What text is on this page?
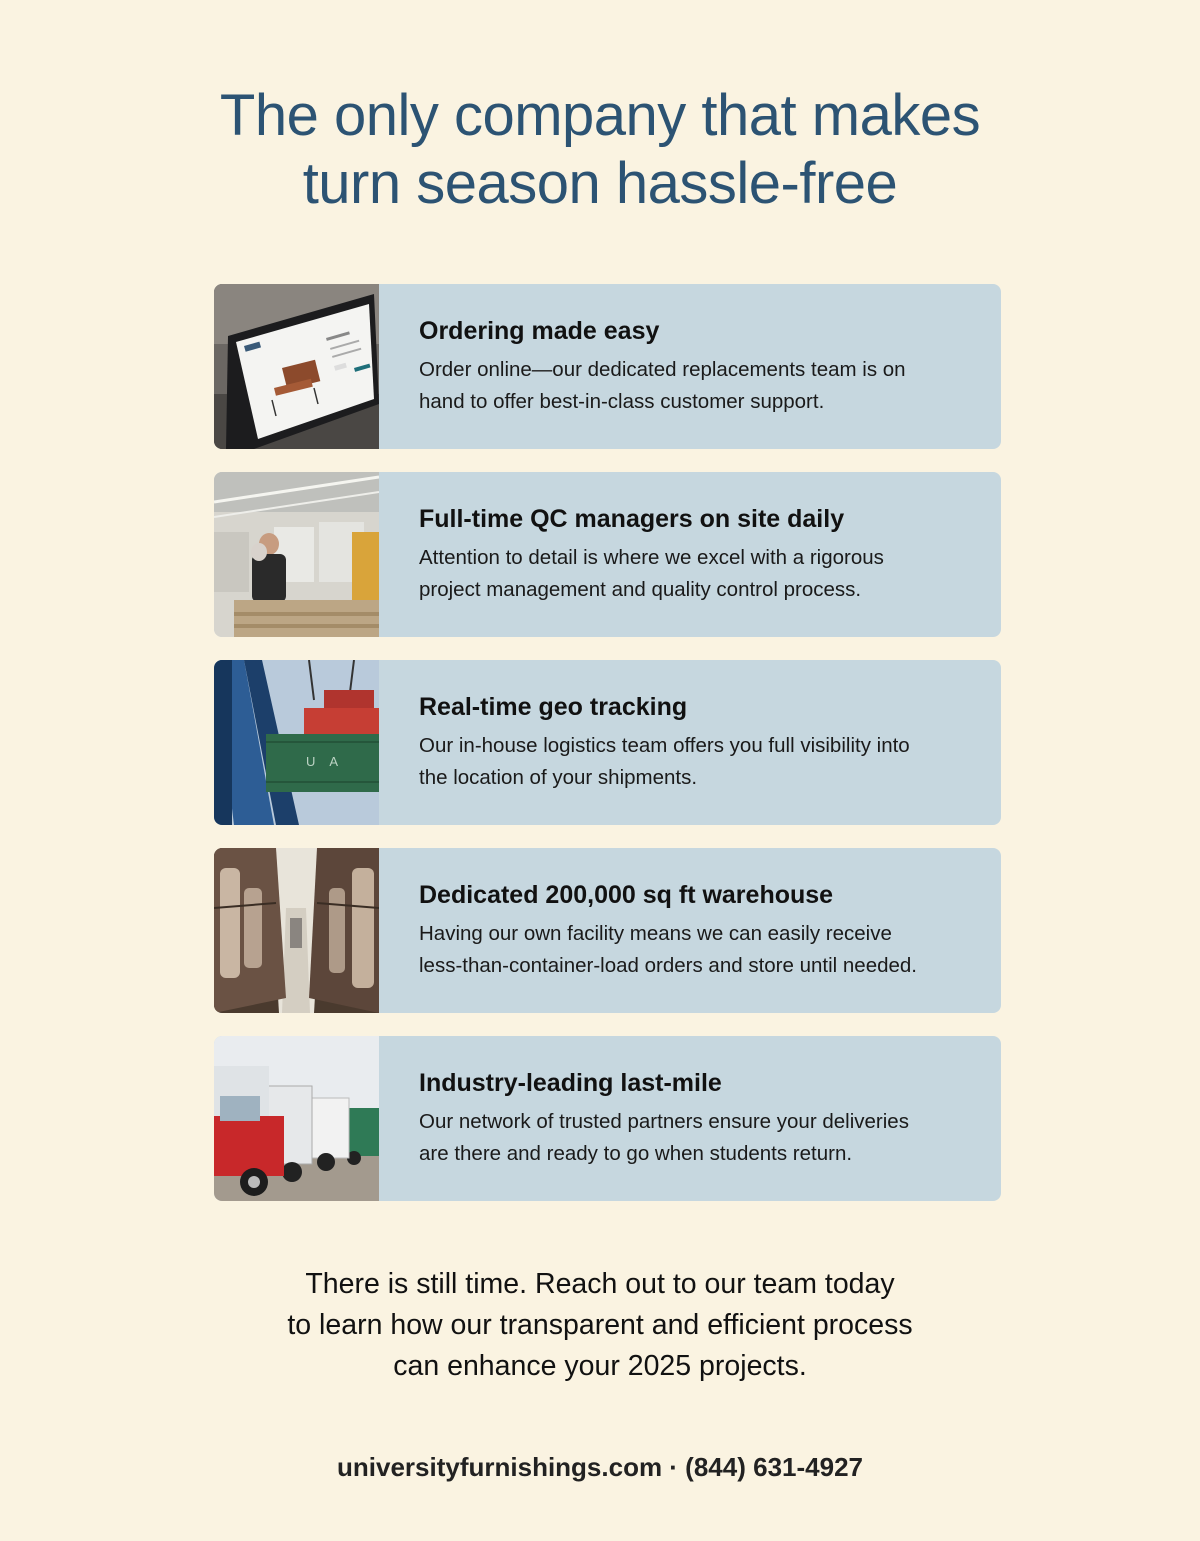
The only company that makes
turn season hassle-free

Ordering made easy

Order online—our dedicated replacements team is on
hand to offer best-in-class customer support.

Full-time QC managers on site daily

Attention to detail is where we excel with a rigorous
project management and quality control process.

UA

Real-time geo tracking

Our in-house logistics team offers you full visibility into
the location of your shipments.

Dedicated 200,000 sq ft warehouse

Having our own facility means we can easily receive
less-than-container-load orders and store until needed.

Industry-leading last-mile

Our network of trusted partners ensure your deliveries
are there and ready to go when students return.

There is still time. Reach out to our team today
to learn how our transparent and efficient process
can enhance your 2025 projects.

universityfurnishings.com · (844) 631-4927
